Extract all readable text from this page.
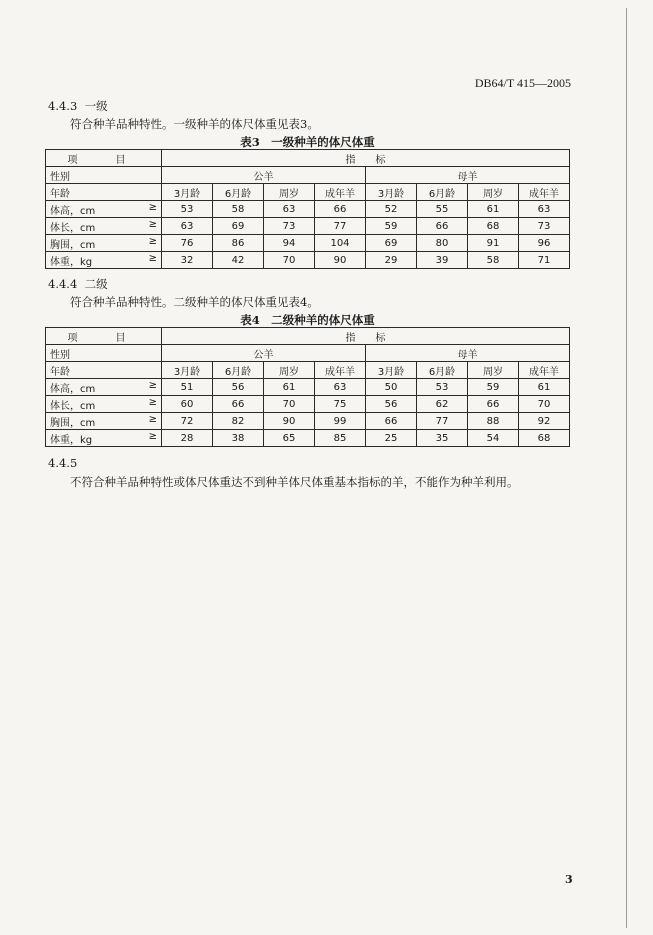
DB64/T 415—2005
4.4.3 一级
符合种羊品种特性。一级种羊的体尺体重见表3。
表3　一级种羊的体尺体重
项　目	指　　标							
性别	公羊				母羊			
年龄	3月龄	6月龄	周岁	成年羊	3月龄	6月龄	周岁	成年羊
体高，cm ≥	53	58	63	66	52	55	61	63
体长，cm ≥	63	69	73	77	59	66	68	73
胸围，cm ≥	76	86	94	104	69	80	91	96
体重，kg ≥	32	42	70	90	29	39	58	71
4.4.4 二级
符合种羊品种特性。二级种羊的体尺体重见表4。
表4　二级种羊的体尺体重
项　目	指　　标							
性别	公羊				母羊			
年龄	3月龄	6月龄	周岁	成年羊	3月龄	6月龄	周岁	成年羊
体高，cm ≥	51	56	61	63	50	53	59	61
体长，cm ≥	60	66	70	75	56	62	66	70
胸围，cm ≥	72	82	90	99	66	77	88	92
体重，kg ≥	28	38	65	85	25	35	54	68
4.4.5
不符合种羊品种特性或体尺体重达不到种羊体尺体重基本指标的羊，不能作为种羊利用。
3
